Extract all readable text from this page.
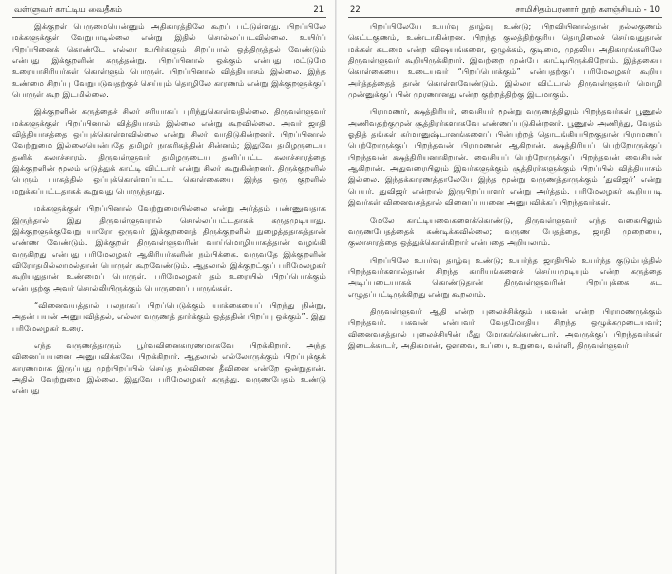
வள்ளுவர் காட்டிய வைதீகம்	21

இக்குறள் பெருமையென்னும் அதிகாரத்திலே கூறப் பட்டுள்ளது. பிறப்பிலே மக்களுக்குள் வேறுபாடில்லை என்று இதில் சொல்லப்படவில்லை. உயிர்ப் பிறப்பினைக் கொண்டே எல்லா உயிர்களும் சிறப்பால் ஒத்திருத்தல் வேண்டும் என்பது இக்குறளின் கருத்தன்று. பிறப்பினால் ஒக்கும் என்பது மட்டுமே உரையாசிரியர்கள் கொள்ளும் பொருள். பிறப்பினால் வித்தியாசம் இல்லை. இந்த உண்மை சிறப்பு வேறுபடுவதற்குச் செய்யும் தொழிலே காரணம் என்று இக்குறளுக்குப் பொருள் கூற இடமில்லை.

இக்குறளின் கருத்தைச் சிலர் சரியாகப் புரிந்துகொள்வதில்லை. திருவள்ளுவர் மக்களுக்குள் பிறப்பினால் வித்தியாசம் இல்லை என்று கூறவில்லை. அவர் ஜாதி வித்தியாசத்தை ஒப்புக்கொள்ளவில்லை என்று சிலர் வாதிடுகின்றனர். பிறப்பினால் வேற்றுமை இல்லையென்பதே தமிழர் நாகரிகத்தின் சின்னம்; இதுவே தமிழருடைய தனிக் கலாச்சாரம். திருவள்ளுவர் தமிழருடைய தனிப்பட்ட கலாச்சாரத்தை இக்குறளின் மூலம் எடுத்துக் காட்டி விட்டார் என்று சிலர் கூறுகின்றனர். திருக்குறளில் பெரும் பாகத்தில் ஒப்புக்கொள்ளப்பட்ட கொள்கையை இந்த ஒரு குறளில் மறுக்கப்பட்டதாகக் கூறுவது பொருந்தாது.

மக்களுக்குள் பிறப்பினால் வேற்றுமையில்லை என்று அர்த்தம் பண்ணுவதாக இருந்தால் இது திருவள்ளுவரால் சொல்லப்பட்டதாகக் கருதமுடியாது. இக்குறளுக்குவேறு யாரோ ஒருவர் இக்குறளைத் திருக்குறளில் நுழைத்ததாகத்தான் எண்ண வேண்டும். இக்குறள் திருவள்ளுவரின் வாய்மொழியாகத்தான் வழங்கி வருகிறது என்பது பரிமேலழகர் ஆகிரியர்களின் நம்பிக்கை. வருவதே இக்குறளின் விரோதமில்லாமல்தான் பொருள் கூறவேண்டும். ஆதலால் இக்குறட்குப் பரிமேலழகர் கூறியதுதான் உண்மைப் பொருள். பரிமேலழகர் தம் உரையில் பிறப்பொக்கும் என்பதற்கு அவர் சொல்லியிருக்கும் பொருளைப் பாருங்கள்.

“வினைவயத்தால் பலநாகப் பிறப்பெடுக்கும் யாக்கையைப் பிறந்து நின்று, அதன் பயன் அனுபவித்தல், எல்லா வருணத் தார்க்கும் ஒத்ததின் பிறப்பு ஒக்கும்”. இது பரிமேலழகர் உரை.

எந்த வருணத்தாரும் பூர்வவினைகாரணமாகவே பிறக்கிறார். அந்த வினைப்பயனை அனுபவிக்கவே பிறக்கிறார். ஆதலால் எல்லோருக்கும் பிறப்புக்குக் காரணமாக இருப்பது முற்பிறப்பில் செய்த நல்வினை தீவினை என்றே ஒன்றுதான். அதில் வேற்றுமை இல்லை. இதுவே பரிமேலழகர் கருத்து. வருணபேதம் உண்டு என்பது

22	சாமிசிதம்பரனார் நூற் களஞ்சியம் - 10

பிறப்பிலேயே உயர்வு தாழ்வு உண்டு; பிறவியினால்தான் நல்லகுணம் கெட்டகுணம், உண்டாகின்றன. பிறந்த குலத்திற்குரிய தொழிலைச் செய்வதுதான் மக்கள் கடமை என்ற விஷயங்களை, ஒழுக்கம், குடிமை, முதலிய அதிகாரங்களிலே திருவள்ளுவர் கூறியிருக்கிறார். இவற்றை முன்பே காட்டியிருக்கிறோம். இத்தகைய கொள்கையை உடையவர் “பிறப்பொக்கும்” என்பதற்குப் பரிமேலழகர் கூறிய அர்த்தத்தைத் தான் கொள்ளவேண்டும். இல்லா விட்டால் திருவள்ளுவர் மொழி முன்னுக்குப் பின் முரணானது என்ற குற்றத்திற்கு இடமாகும்.

பிராமணர், க்ஷத்திரியர், வைசியர் மூன்று வருணத்திலும் பிறந்தவர்கள் பூணூல் அணிவதற்குமுன் சூத்திரர்களாகவே எண்ணப்படுகின்றனர். பூணூல் அணிந்து, வேதம் ஓதித் தங்கள் கர்மானுஷ்டானங்களைப் பின்பற்றத் தொடங்கியபிறகுதான் பிராமணப் பெற்றோருக்குப் பிறந்தவன் பிராமணன் ஆகிறான். க்ஷத்திரியப் பெற்றோருக்குப் பிறந்தவன் க்ஷத்திரியனாகிறான். வைசியப் பெற்றோருக்குப் பிறந்தவன் வைசியன் ஆகிறான். அதுவரையிலும் இவர்களுக்கும் சூத்திரர்களுக்கும் பிறப்பில் வித்தியாசம் இல்லை. இந்தக்காரணத்தாலேயே இந்த மூன்று வருணத்தாருக்கும் ‘துவிஜர்’ என்று பெயர். துவிஜர் என்றால் இருபிறப்பாளர் என்று அர்த்தம். பரிமேலழகர் கூறியபடி இவர்கள் வினைவசத்தால் வினைப்பயனை அனுபவிக்கப் பிறந்தவர்கள்.

மேலே காட்டியவைகளைக்கொண்டு, திருவள்ளுவர் எந்த வகையிலும் வருணபேதத்தைக் கண்டிக்கவில்லை; வருண பேதத்தை, ஜாதி முறையை, குலாசாரத்தை ஒத்துக்கொள்கிறார் என்பதை அறியலாம்.

பிறப்பிலே உயர்வு தாழ்வு உண்டு; உயர்ந்த ஜாதியில் உயர்ந்த குடும்பத்தில் பிறந்தவர்களால்தான் சிறந்த காரியங்களைச் செய்யமுடியும் என்ற கருத்தை அடிப்படையாகக் கொண்டுதான் திருவள்ளுவரின் பிறப்புக்கை சுட எழுதப்பட்டிருக்கிறது என்று கூறலாம்.

திருவள்ளுவர் ஆதி என்ற புலைச்சிக்கும் பகவன் என்ற பிராமணருக்கும் பிறந்தவர். பகவன் என்பவர் வேதமோதிய சிறந்த ஒழுக்கமுடையவர்; வினைவசத்தால் புலைச்சியின் மீது மோகங்கொண்டார். அவருக்குப் பிறந்தவர்கள் இடைக்காடர், அதிகமான், ஔவை, உப்பை, உறுவை, வள்ளி, திருவள்ளுவர்
